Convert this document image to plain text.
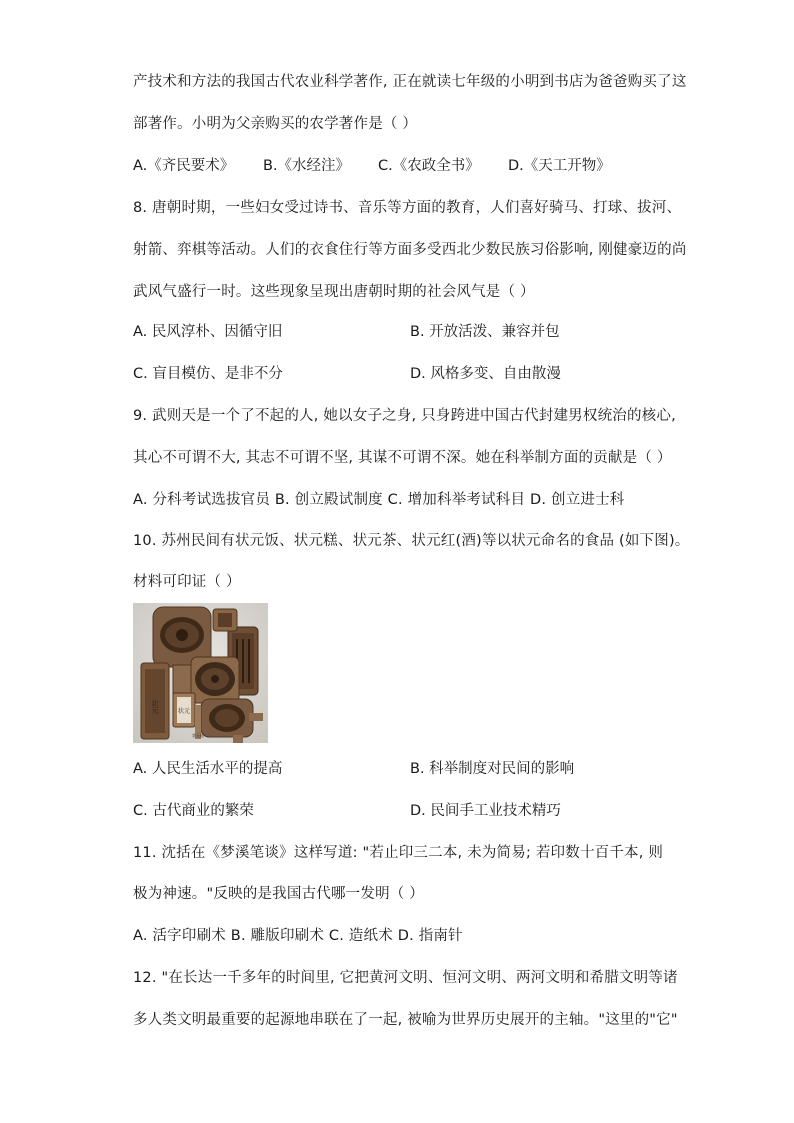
产技术和方法的我国古代农业科学著作, 正在就读七年级的小明到书店为爸爸购买了这
部著作。小明为父亲购买的农学著作是（ ）
A.《齐民要术》 B.《水经注》 C.《农政全书》 D.《天工开物》
8. 唐朝时期，一些妇女受过诗书、音乐等方面的教育，人们喜好骑马、打球、拔河、
射箭、弈棋等活动。人们的衣食住行等方面多受西北少数民族习俗影响, 刚健豪迈的尚
武风气盛行一时。这些现象呈现出唐朝时期的社会风气是（ ）
A. 民风淳朴、因循守旧	B. 开放活泼、兼容并包
C. 盲目模仿、是非不分	D. 风格多变、自由散漫
9. 武则天是一个了不起的人, 她以女子之身, 只身跨进中国古代封建男权统治的核心,
其心不可谓不大, 其志不可谓不坚, 其谋不可谓不深。她在科举制方面的贡献是（ ）
A. 分科考试选拔官员 B. 创立殿试制度 C. 增加科举考试科目 D. 创立进士科
10. 苏州民间有状元饭、状元糕、状元茶、状元红(酒)等以状元命名的食品 (如下图)。
材料可印证（ ）
状元	状元
状元糕
A. 人民生活水平的提高	B. 科举制度对民间的影响
C. 古代商业的繁荣	D. 民间手工业技术精巧
11. 沈括在《梦溪笔谈》这样写道: "若止印三二本, 未为简易; 若印数十百千本, 则
极为神速。"反映的是我国古代哪一发明（ ）
A. 活字印刷术 B. 雕版印刷术 C. 造纸术 D. 指南针
12. "在长达一千多年的时间里, 它把黄河文明、恒河文明、两河文明和希腊文明等诸
多人类文明最重要的起源地串联在了一起, 被喻为世界历史展开的主轴。"这里的"它"
